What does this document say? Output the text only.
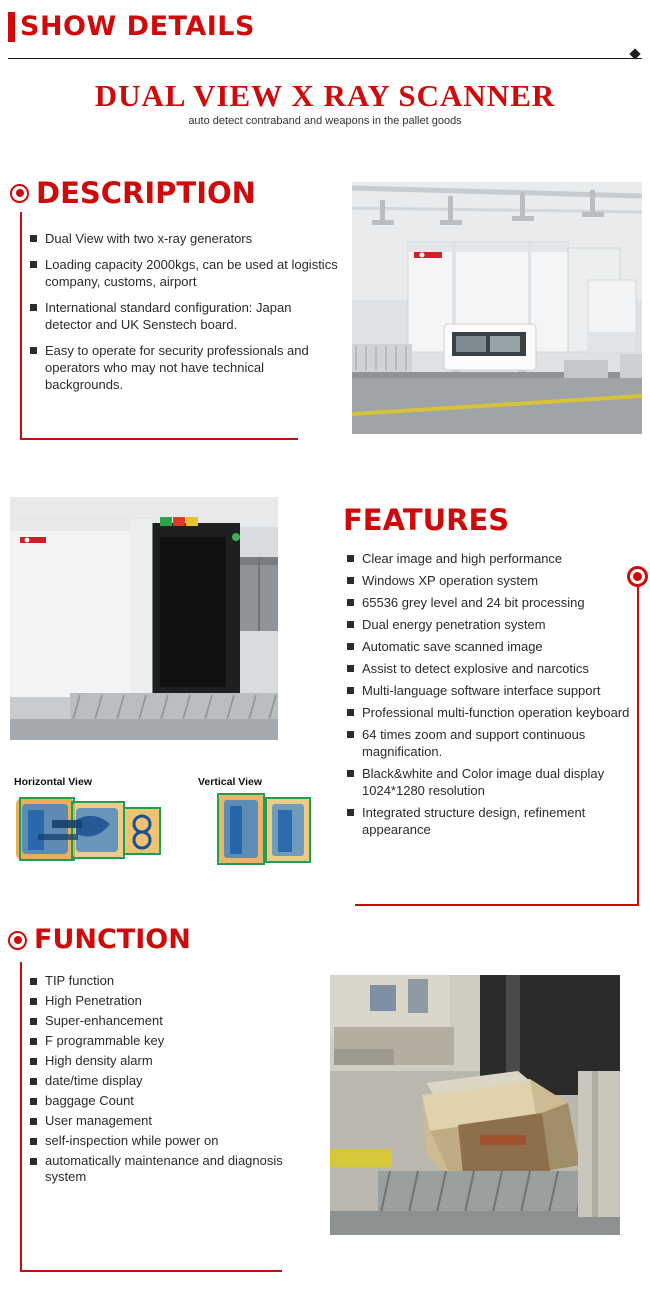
SHOW DETAILS
DUAL VIEW X RAY SCANNER
auto detect contraband and weapons in the pallet goods
DESCRIPTION
Dual View with two x-ray generators
Loading capacity 2000kgs, can be used at logistics company, customs, airport
International standard configuration: Japan detector and UK Senstech board.
Easy to operate for security professionals and operators who may not have technical backgrounds.
FEATURES
Clear image and high performance
Windows XP operation system
65536 grey level and 24 bit processing
Dual energy penetration system
Automatic save scanned image
Assist to detect explosive and narcotics
Multi-language software interface support
Professional multi-function operation keyboard
64 times zoom and support continuous magnification.
Black&white and Color image dual display 1024*1280 resolution
Integrated structure design, refinement appearance
Horizontal View	Vertical View
FUNCTION
TIP function
High Penetration
Super-enhancement
F programmable key
High density alarm
date/time display
baggage Count
User management
self-inspection while power on
automatically maintenance and diagnosis system
